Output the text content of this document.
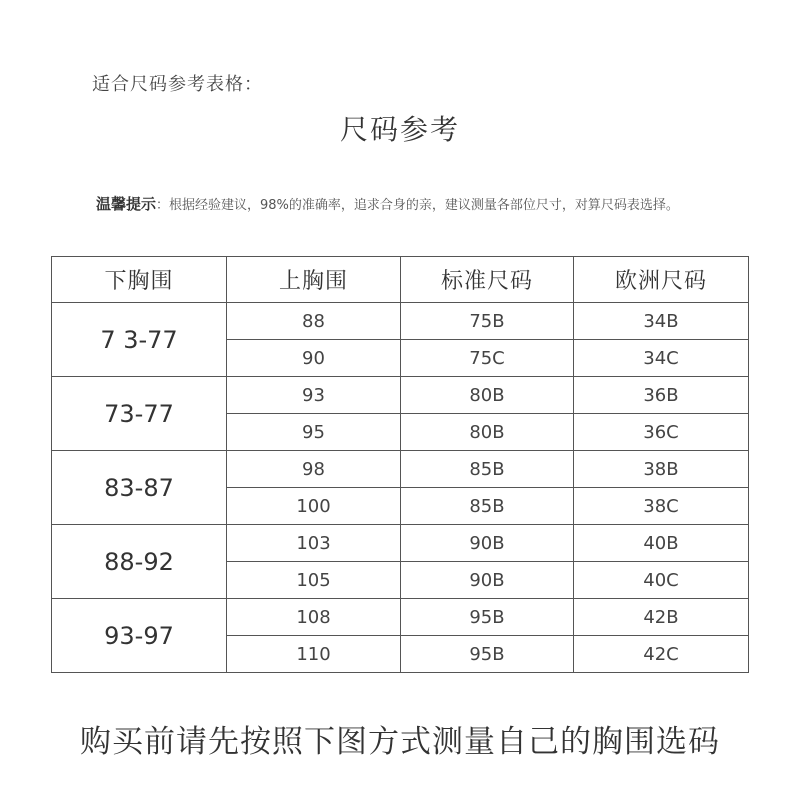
适合尺码参考表格：
尺码参考
温馨提示：根据经验建议，98%的准确率，追求合身的亲，建议测量各部位尺寸，对算尺码表选择。
下胸围	上胸围	标准尺码	欧洲尺码
7 3-77	88	75B	34B
	90	75C	34C
73-77	93	80B	36B
	95	80B	36C
83-87	98	85B	38B
	100	85B	38C
88-92	103	90B	40B
	105	90B	40C
93-97	108	95B	42B
	110	95B	42C
购买前请先按照下图方式测量自己的胸围选码
